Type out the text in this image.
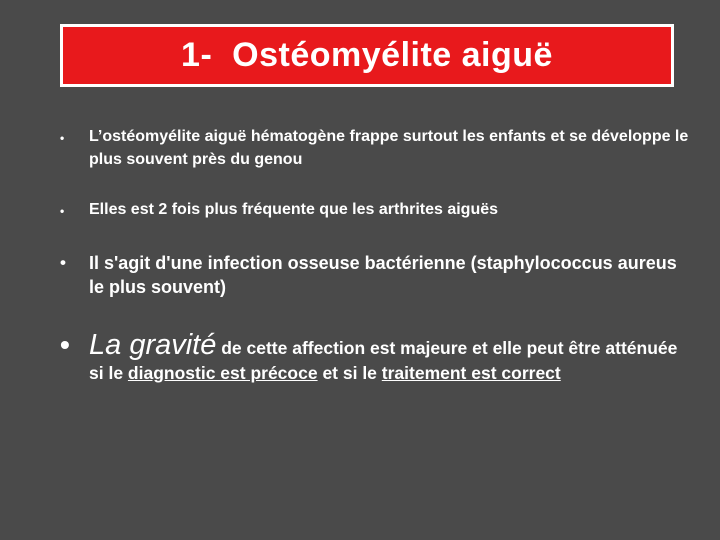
1-  Ostéomyélite aiguë
• L’ostéomyélite aiguë hématogène frappe surtout les enfants et se développe le plus souvent près du genou
• Elles est 2 fois plus fréquente que les arthrites aiguës
• Il s'agit d'une infection osseuse bactérienne (staphylococcus aureus le plus souvent)
• La gravité de cette affection est majeure et elle peut être atténuée si le diagnostic est précoce et si le traitement est correct
